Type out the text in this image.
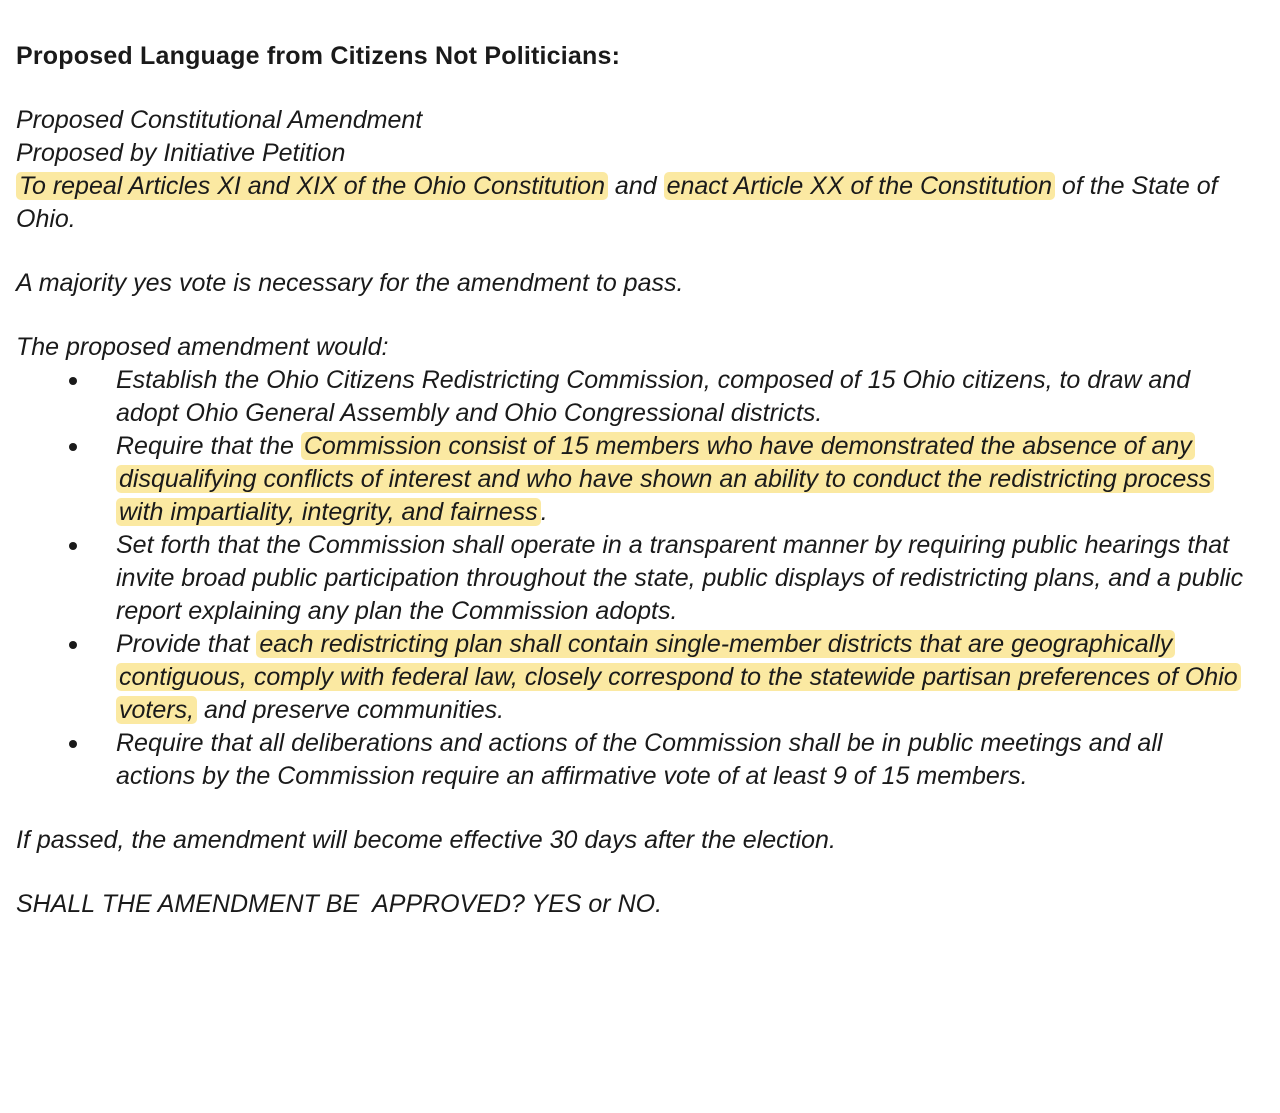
Proposed Language from Citizens Not Politicians:

Proposed Constitutional Amendment

Proposed by Initiative Petition

To repeal Articles XI and XIX of the Ohio Constitution and enact Article XX of the Constitution of the State of Ohio.

A majority yes vote is necessary for the amendment to pass.

The proposed amendment would:

Establish the Ohio Citizens Redistricting Commission, composed of 15 Ohio citizens, to draw and adopt Ohio General Assembly and Ohio Congressional districts.
Require that the Commission consist of 15 members who have demonstrated the absence of any disqualifying conflicts of interest and who have shown an ability to conduct the redistricting process with impartiality, integrity, and fairness .
Set forth that the Commission shall operate in a transparent manner by requiring public hearings that invite broad public participation throughout the state, public displays of redistricting plans, and a public report explaining any plan the Commission adopts.
Provide that each redistricting plan shall contain single-member districts that are geographically contiguous, comply with federal law, closely correspond to the statewide partisan preferences of Ohio voters, and preserve communities.
Require that all deliberations and actions of the Commission shall be in public meetings and all actions by the Commission require an affirmative vote of at least 9 of 15 members.

If passed, the amendment will become effective 30 days after the election.

SHALL THE AMENDMENT BE  APPROVED? YES or NO.
